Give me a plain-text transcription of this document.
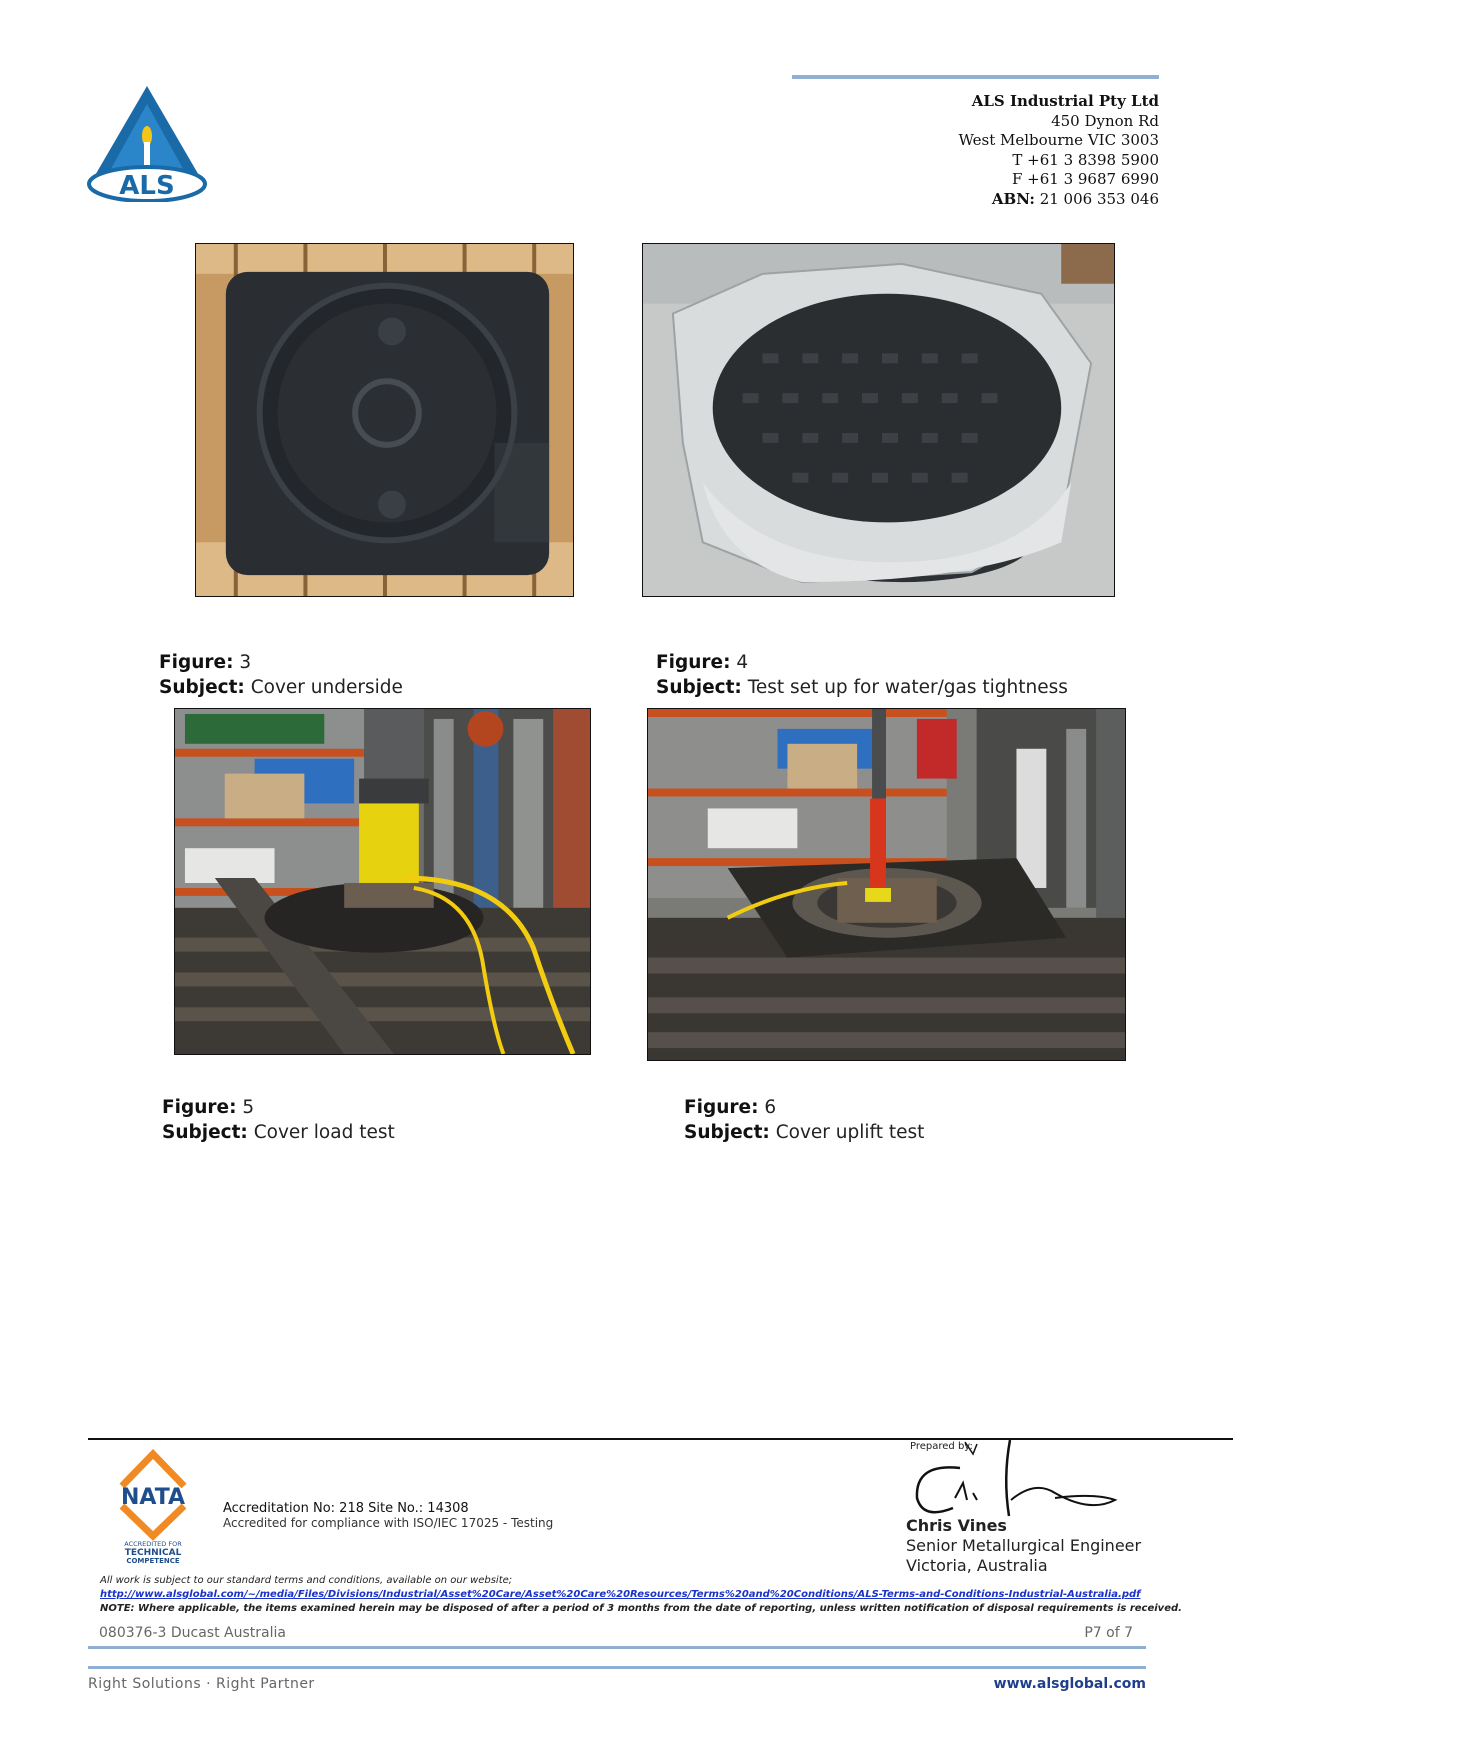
ALS
ALS Industrial Pty Ltd
450 Dynon Rd
West Melbourne VIC 3003
T +61 3 8398 5900
F +61 3 9687 6990
ABN: 21 006 353 046
Figure: 3
Subject: Cover underside
Figure: 4
Subject: Test set up for water/gas tightness
Figure: 5
Subject: Cover load test
Figure: 6
Subject: Cover uplift test
NATA
ACCREDITED FOR
TECHNICAL
COMPETENCE
Accreditation No: 218 Site No.: 14308
Accredited for compliance with ISO/IEC 17025 - Testing
Prepared by:
Chris Vines
Senior Metallurgical Engineer
Victoria, Australia
All work is subject to our standard terms and conditions, available on our website;
http://www.alsglobal.com/~/media/Files/Divisions/Industrial/Asset%20Care/Asset%20Care%20Resources/Terms%20and%20Conditions/ALS-Terms-and-Conditions-Industrial-Australia.pdf
NOTE: Where applicable, the items examined herein may be disposed of after a period of 3 months from the date of reporting, unless written notification of disposal requirements is received.
080376-3 Ducast Australia	P7 of 7
Right Solutions · Right Partner	www.alsglobal.com
